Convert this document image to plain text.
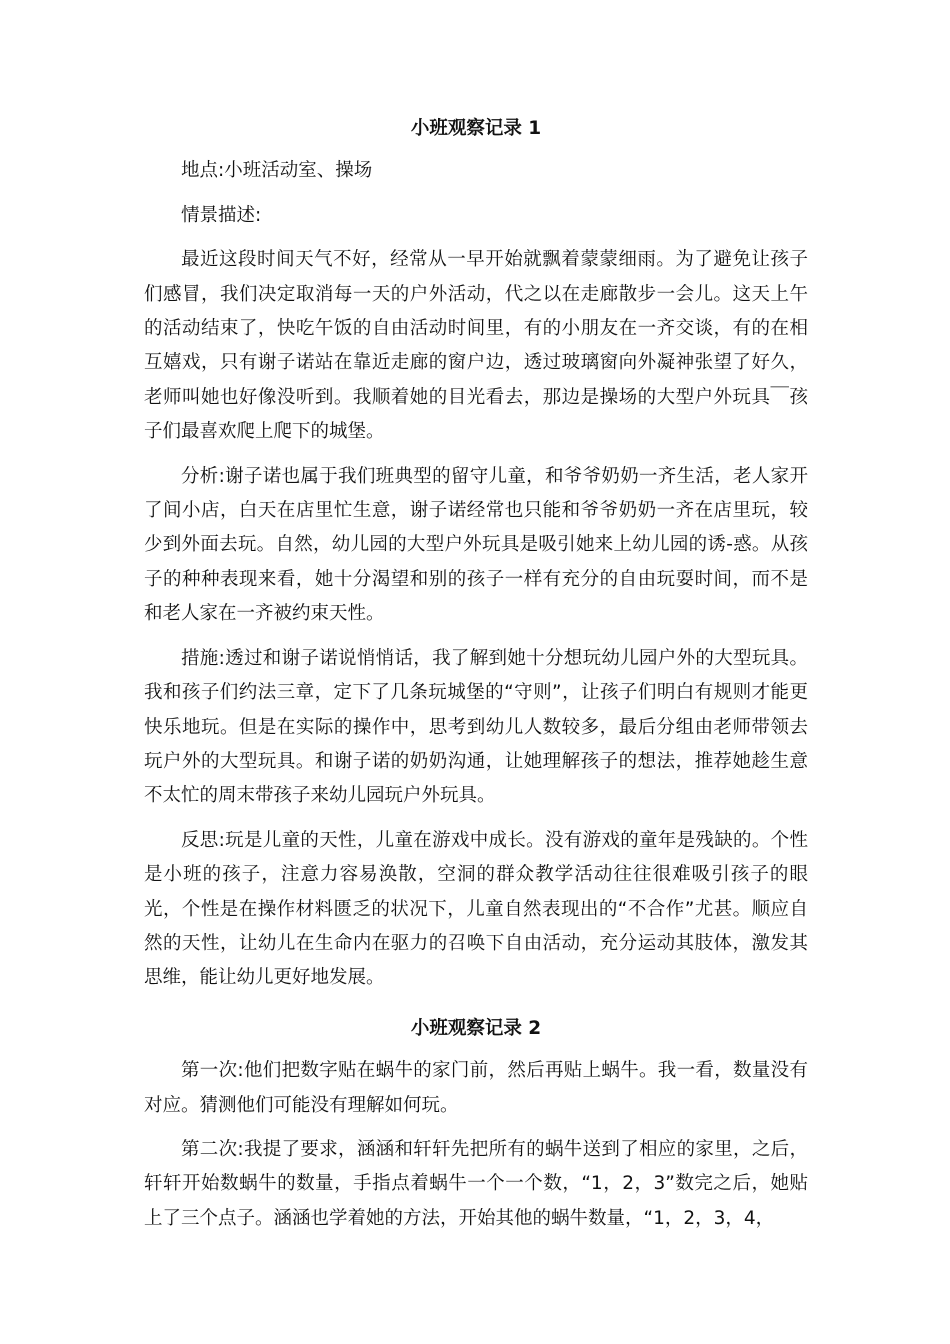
小班观察记录 1

地点:小班活动室、操场

情景描述:

最近这段时间天气不好，经常从一早开始就飘着蒙蒙细雨。为了避免让孩子们感冒，我们决定取消每一天的户外活动，代之以在走廊散步一会儿。这天上午的活动结束了，快吃午饭的自由活动时间里，有的小朋友在一齐交谈，有的在相互嬉戏，只有谢子诺站在靠近走廊的窗户边，透过玻璃窗向外凝神张望了好久，老师叫她也好像没听到。我顺着她的目光看去，那边是操场的大型户外玩具￣孩子们最喜欢爬上爬下的城堡。

分析:谢子诺也属于我们班典型的留守儿童，和爷爷奶奶一齐生活，老人家开了间小店，白天在店里忙生意，谢子诺经常也只能和爷爷奶奶一齐在店里玩，较少到外面去玩。自然，幼儿园的大型户外玩具是吸引她来上幼儿园的诱-惑。从孩子的种种表现来看，她十分渴望和别的孩子一样有充分的自由玩耍时间，而不是和老人家在一齐被约束天性。

措施:透过和谢子诺说悄悄话，我了解到她十分想玩幼儿园户外的大型玩具。我和孩子们约法三章，定下了几条玩城堡的“守则”，让孩子们明白有规则才能更快乐地玩。但是在实际的操作中，思考到幼儿人数较多，最后分组由老师带领去玩户外的大型玩具。和谢子诺的奶奶沟通，让她理解孩子的想法，推荐她趁生意不太忙的周末带孩子来幼儿园玩户外玩具。

反思:玩是儿童的天性，儿童在游戏中成长。没有游戏的童年是残缺的。个性是小班的孩子，注意力容易涣散，空洞的群众教学活动往往很难吸引孩子的眼光，个性是在操作材料匮乏的状况下，儿童自然表现出的“不合作”尤甚。顺应自然的天性，让幼儿在生命内在驱力的召唤下自由活动，充分运动其肢体，激发其思维，能让幼儿更好地发展。

小班观察记录 2

第一次:他们把数字贴在蜗牛的家门前，然后再贴上蜗牛。我一看，数量没有对应。猜测他们可能没有理解如何玩。

第二次:我提了要求，涵涵和轩轩先把所有的蜗牛送到了相应的家里，之后，轩轩开始数蜗牛的数量，手指点着蜗牛一个一个数，“1，2，3”数完之后，她贴上了三个点子。涵涵也学着她的方法，开始其他的蜗牛数量，“1，2，3，4，
